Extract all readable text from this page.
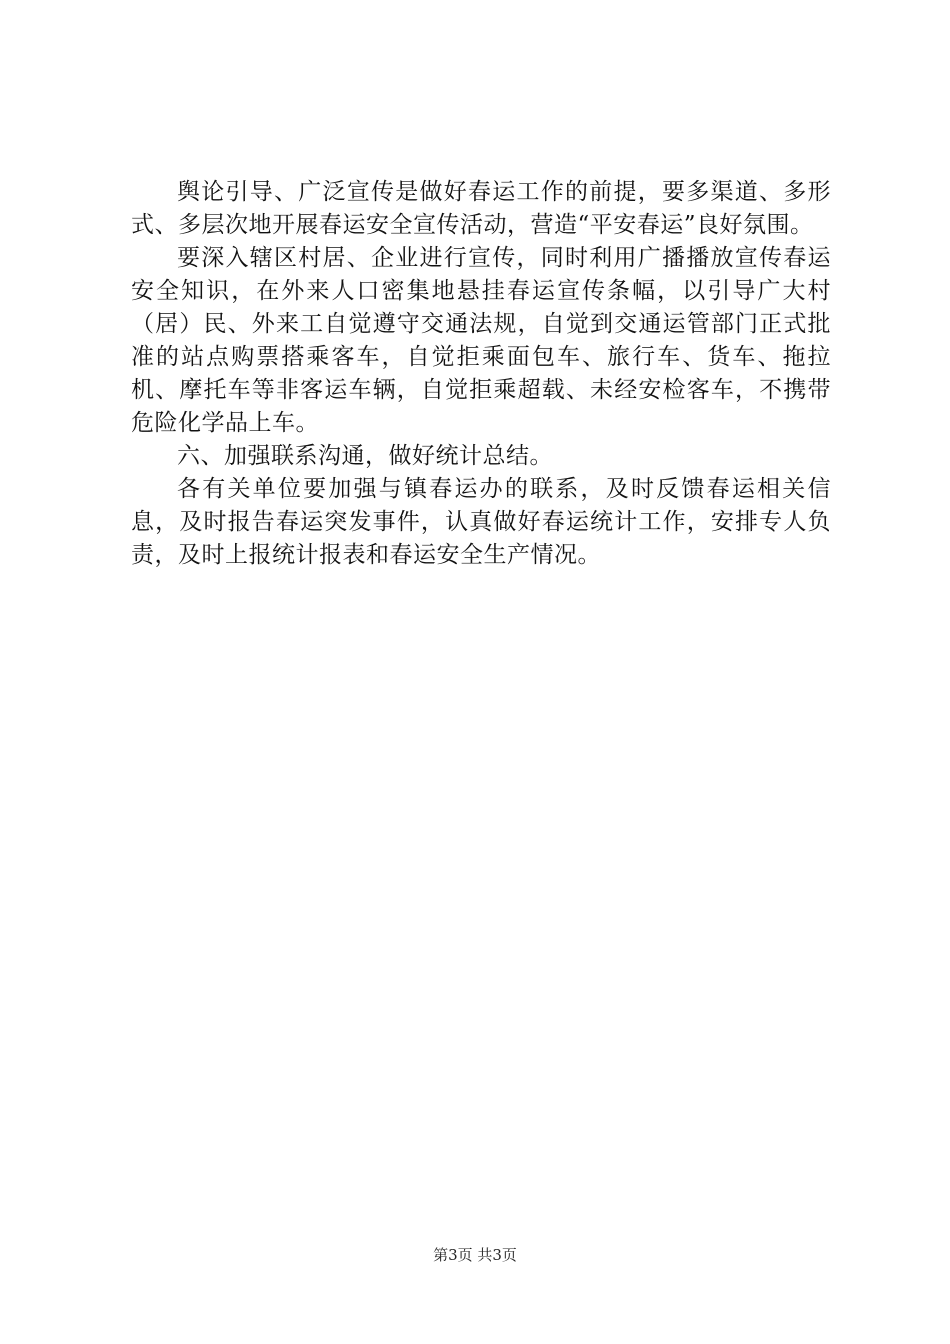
舆论引导、广泛宣传是做好春运工作的前提，要多渠道、多形式、多层次地开展春运安全宣传活动，营造“平安春运”良好氛围。

要深入辖区村居、企业进行宣传，同时利用广播播放宣传春运安全知识，在外来人口密集地悬挂春运宣传条幅，以引导广大村（居）民、外来工自觉遵守交通法规，自觉到交通运管部门正式批准的站点购票搭乘客车，自觉拒乘面包车、旅行车、货车、拖拉机、摩托车等非客运车辆，自觉拒乘超载、未经安检客车，不携带危险化学品上车。

六、加强联系沟通，做好统计总结。

各有关单位要加强与镇春运办的联系，及时反馈春运相关信息，及时报告春运突发事件，认真做好春运统计工作，安排专人负责，及时上报统计报表和春运安全生产情况。

第3页 共3页
